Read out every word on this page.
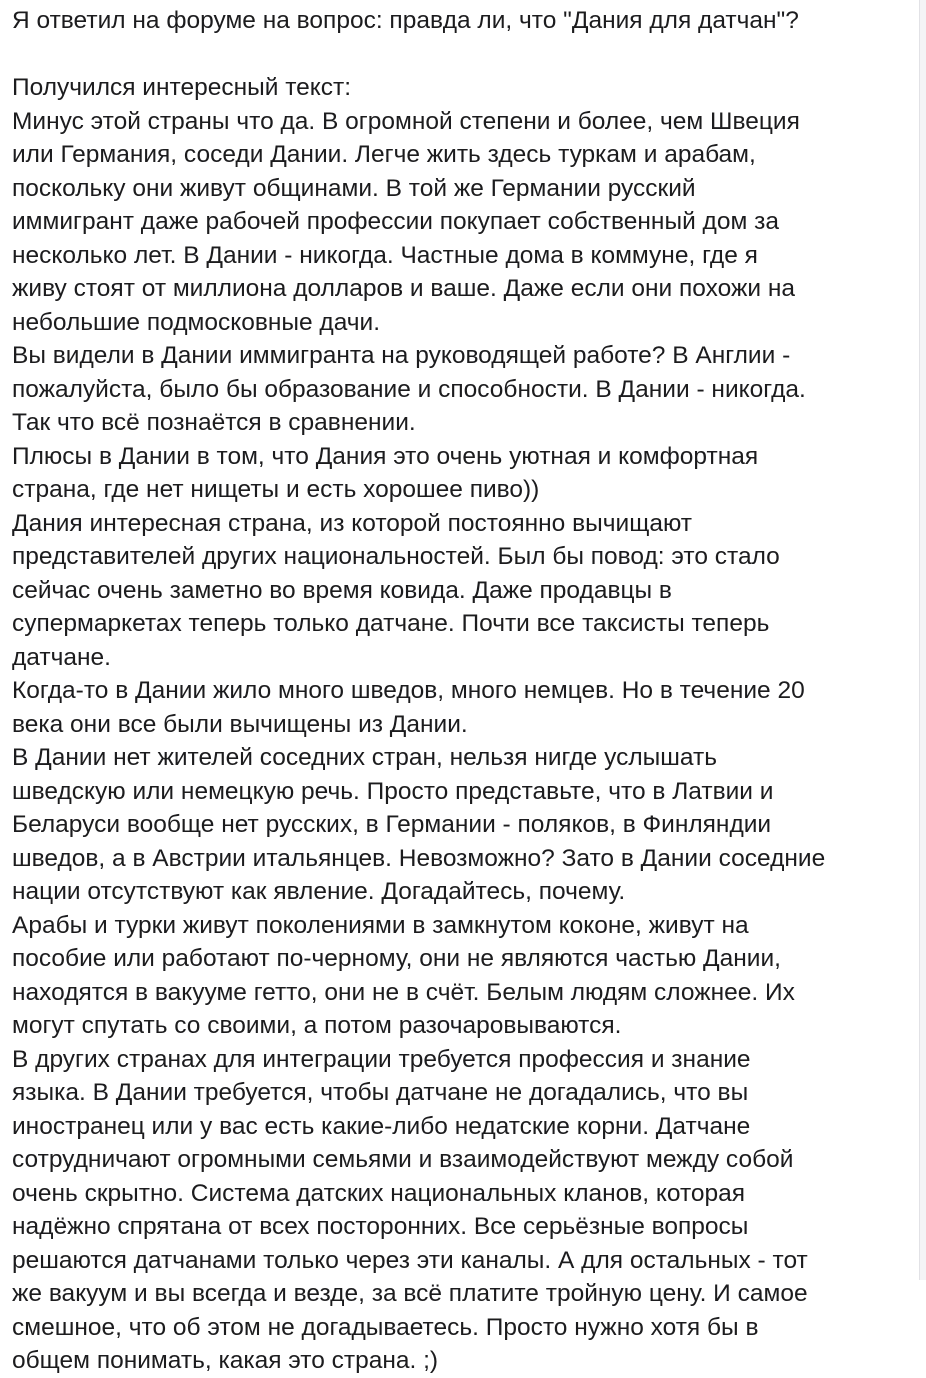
Я ответил на форуме на вопрос: правда ли, что "Дания для датчан"?
Получился интересный текст:
Минус этой страны что да. В огромной степени и более, чем Швеция
или Германия, соседи Дании. Легче жить здесь туркам и арабам,
поскольку они живут общинами. В той же Германии русский
иммигрант даже рабочей профессии покупает собственный дом за
несколько лет. В Дании - никогда. Частные дома в коммуне, где я
живу стоят от миллиона долларов и ваше. Даже если они похожи на
небольшие подмосковные дачи.
Вы видели в Дании иммигранта на руководящей работе? В Англии -
пожалуйста, было бы образование и способности. В Дании - никогда.
Так что всё познаётся в сравнении.
Плюсы в Дании в том, что Дания это очень уютная и комфортная
страна, где нет нищеты и есть хорошее пиво))
Дания интересная страна, из которой постоянно вычищают
представителей других национальностей. Был бы повод: это стало
сейчас очень заметно во время ковида. Даже продавцы в
супермаркетах теперь только датчане. Почти все таксисты теперь
датчане.
Когда-то в Дании жило много шведов, много немцев. Но в течение 20
века они все были вычищены из Дании.
В Дании нет жителей соседних стран, нельзя нигде услышать
шведскую или немецкую речь. Просто представьте, что в Латвии и
Беларуси вообще нет русских, в Германии - поляков, в Финляндии
шведов, а в Австрии итальянцев. Невозможно? Зато в Дании соседние
нации отсутствуют как явление. Догадайтесь, почему.
Арабы и турки живут поколениями в замкнутом коконе, живут на
пособие или работают по-черному, они не являются частью Дании,
находятся в вакууме гетто, они не в счёт. Белым людям сложнее. Их
могут спутать со своими, а потом разочаровываются.
В других странах для интеграции требуется профессия и знание
языка. В Дании требуется, чтобы датчане не догадались, что вы
иностранец или у вас есть какие-либо недатские корни. Датчане
сотрудничают огромными семьями и взаимодействуют между собой
очень скрытно. Система датских национальных кланов, которая
надёжно спрятана от всех посторонних. Все серьёзные вопросы
решаются датчанами только через эти каналы. А для остальных - тот
же вакуум и вы всегда и везде, за всё платите тройную цену. И самое
смешное, что об этом не догадываетесь. Просто нужно хотя бы в
общем понимать, какая это страна. ;)
